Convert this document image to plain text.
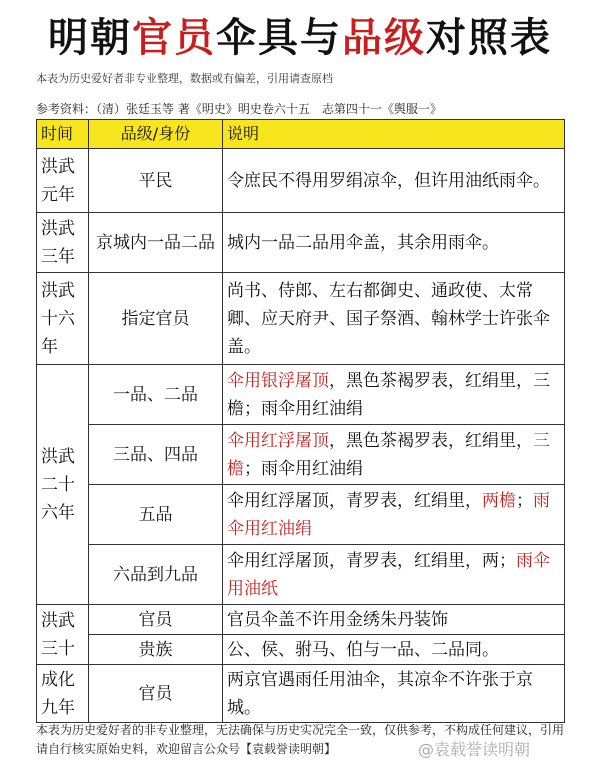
明朝官员伞具与品级对照表
本表为历史爱好者非专业整理，数据或有偏差，引用请查原档
参考资料：（清）张廷玉等 著《明史》明史卷六十五　志第四十一《舆服一》
时间	品级/身份	说明
洪武元年	平民	令庶民不得用罗绢凉伞，但许用油纸雨伞。
洪武三年	京城内一品二品	城内一品二品用伞盖，其余用雨伞。
洪武十六年	指定官员	尚书、侍郎、左右都御史、通政使、太常卿、应天府尹、国子祭酒、翰林学士许张伞盖。
洪武二十六年	一品、二品	伞用银浮屠顶，黑色茶褐罗表，红绢里，三檐；雨伞用红油绢
	三品、四品	伞用红浮屠顶，黑色茶褐罗表，红绢里，三檐；雨伞用红油绢
	五品	伞用红浮屠顶，青罗表，红绢里，两檐；雨伞用红油绢
	六品到九品	伞用红浮屠顶，青罗表，红绢里，两；雨伞用油纸
洪武三十	官员	官员伞盖不许用金绣朱丹装饰
	贵族	公、侯、驸马、伯与一品、二品同。
成化九年	官员	两京官遇雨任用油伞，其凉伞不许张于京城。
本表为历史爱好者的非专业整理，无法确保与历史实况完全一致，仅供参考，不构成任何建议，引用请自行核实原始史料，欢迎留言公众号【袁载誉读明朝】	@袁载誉读明朝
